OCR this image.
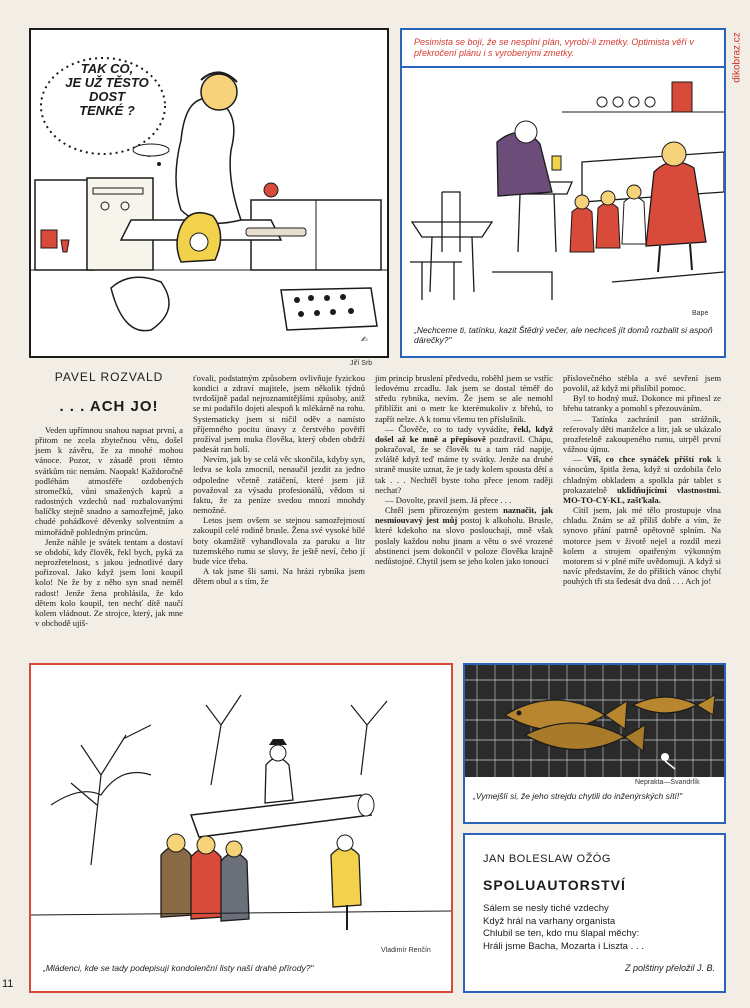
dikobraz.cz
✍
TAK CO,
JE UŽ TĚSTO
DOST
TENKÉ ?
Jiří Srb
Pesimista se bojí, že se nesplní plán, vyrobí-li zmetky. Optimista věří v překročení plánu i s vyrobenými zmetky.
Bape
„Nechceme ti, tatínku, kazit Štědrý večer, ale nechceš jít domů rozbalit si aspoň dárečky?"
PAVEL ROZVALD
. . . ACH JO!

Veden upřímnou snahou napsat první, a přitom ne zcela zbytečnou větu, došel jsem k závěru, že za mnohé mohou vánoce. Pozor, v zásadě proti těmto svátkům nic nemám. Naopak! Každoročně podléhám atmosféře ozdobených stromečků, vůni smažených kaprů a radostných vzdechů nad rozbalovanými balíčky stejně snadno a samozřejmě, jako chudé pohádkové děvenky solventním a mimořádně pohledným princům.

Jenže náhle je svátek tentam a dostaví se období, kdy člověk, řekl bych, pyká za neprozřetelnost, s jakou jednotlivé dary pořizoval. Jako když jsem loni koupil kolo! Ne že by z něho syn snad neměl radost! Jenže žena prohlásila, že kdo dětem kolo koupil, ten nechť dítě naučí kolem vládnout. Ze strojce, který, jak mne v obchodě ujiš-

ťovali, podstatným způsobem ovlivňuje fyzickou kondici a zdraví majitele, jsem několik týdnů tvrdošíjně padal nejroznamitějšími způsoby, aniž se mi podařilo dojeti alespoň k mlékárně na rohu. Systematicky jsem si ničil oděv a namísto příjemného pocitu únavy z čerstvého povětří prožíval jsem muka člověka, který obden obdrží padesát ran holí.

Nevím, jak by se celá věc skončila, kdyby syn, ledva se kola zmocnil, nenaučil jezdit za jedno odpoledne včetně zatáčení, které jsem již považoval za výsadu profesionálů, vědom si faktu, že za peníze svedou mnozí mnohdy nemožné.

Letos jsem ovšem se stejnou samozřejmostí zakoupil celé rodině brusle. Žena své vysoké bílé boty okamžitě vyhandlovala za paruku a litr tuzemského rumu se slovy, že ještě neví, čeho jí bude více třeba.

A tak jsme šli sami. Na hrázi rybníka jsem dětem obul a s tím, že

jim princip bruslení předvedu, roběhl jsem se vstříc ledovému zrcadlu. Jak jsem se dostal téměř do středu rybníka, nevím. Že jsem se ale nemohl přiblížit ani o metr ke kterémukoliv z břehů, to zapřít nelze. A k tomu všemu ten příslušník.

— Člověče, co to tady vyvádíte, řekl, když došel až ke mně a přepisově pozdravil. Chápu, pokračoval, že se člověk tu a tam rád napije, zvláště když teď máme ty svátky. Jenže na druhé straně musíte uznat, že je tady kolem spousta dětí a tak . . . Nechtěl byste toho přece jenom raději nechat?

— Dovolte, pravil jsem. Já přece . . .

Chtěl jsem přirozeným gestem naznačit, jak nesmiouvavý jest můj postoj k alkoholu. Brusle, které kdekoho na slovo poslouchají, mně však poslaly každou nohu jinam a větu o své vrozené abstinenci jsem dokončil v poloze člověka krajně nedůstojné. Chytil jsem se jeho kolen jako tonoucí

příslovečného stébla a své sevření jsem povolil, až když mi přislíbil pomoc.

Byl to hodný muž. Dokonce mi přinesl ze břehu tatranky a pomohl s přezouváním.

— Tatínka zachránil pan strážník, referovaly děti manželce a litr, jak se ukázalo prozřetelně zakoupeného rumu, utrpěl první vážnou újmu.

— Víš, co chce synáček příští rok k vánocům, špitla žena, když si ozdobila čelo chladným obkladem a spolkla pár tablet s prokazatelně uklidňujícími vlastnostmi. MO-TO-CY-KL, zašťkala.

Cítil jsem, jak mé tělo prostupuje vlna chladu. Znám se až příliš dobře a vím, že synovo přání patrně opětovně splním. Na motorce jsem v životě nejel a rozdíl mezi kolem a strojem opatřeným výkonným motorem si v plné míře uvědomuji. A když si navíc představím, že do příštích vánoc chybí pouhých tři sta šedesát dva dnů . . . Ach jo!

Vladimír Renčín
„Mládenci, kde se tady podepisují kondolenční listy naší drahé přírody?"
11
Neprakta—Švandrlík
„Vymejšlí si, že jeho strejdu chytili do inženýrských sítí!"
JAN BOLESLAW OŽÓG
SPOLUAUTORSTVÍ
Sálem se nesly tiché vzdechy
Když hrál na varhany organista
Chlubil se ten, kdo mu šlapal měchy:
Hráli jsme Bacha, Mozarta i Liszta . . .
Z polštiny přeložil J. B.
